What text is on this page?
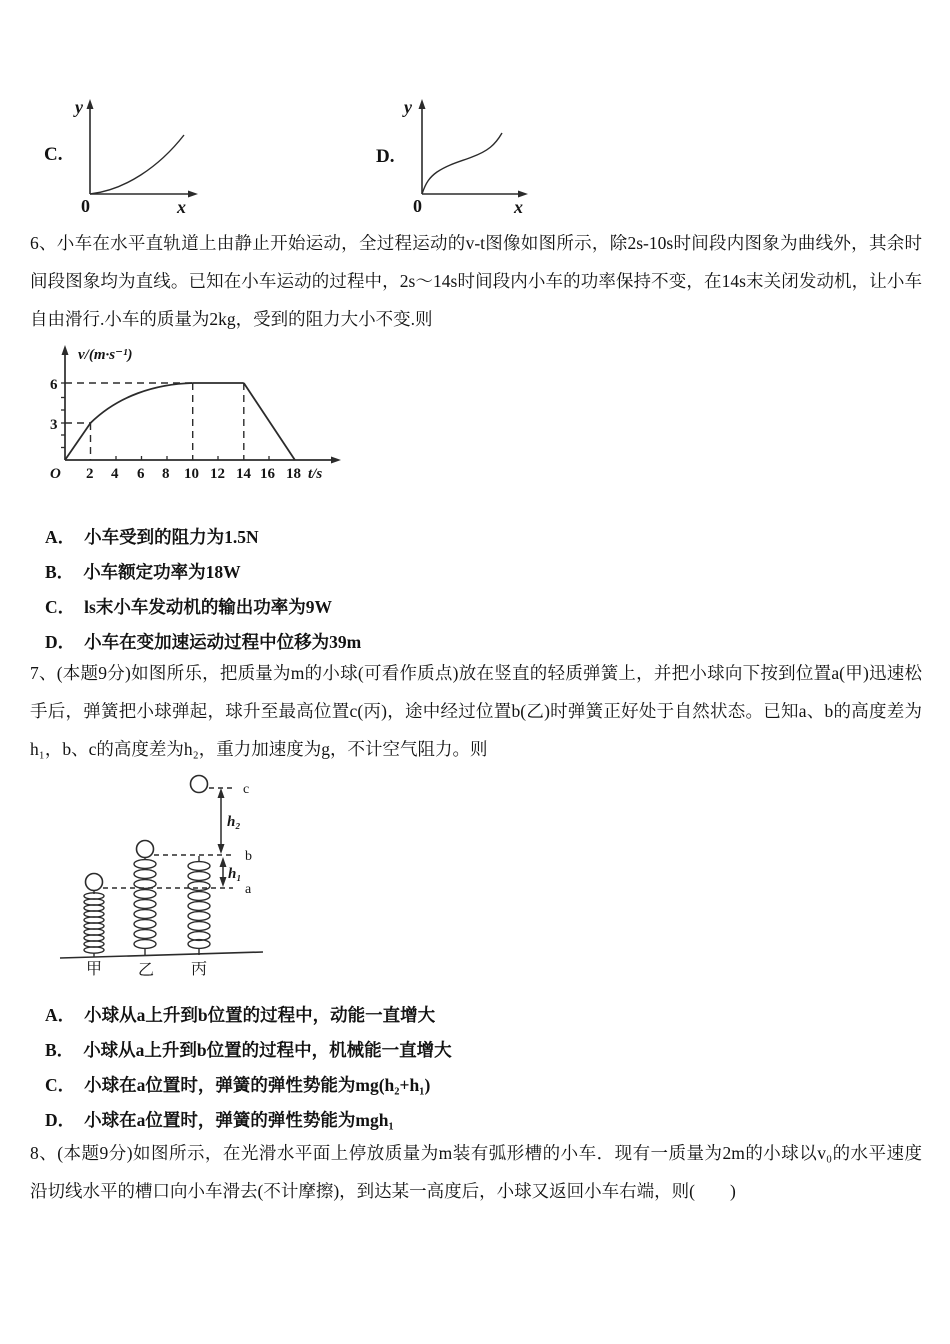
C.
y
0	x
D.
y
0	x
6、小车在水平直轨道上由静止开始运动，全过程运动的v-t图像如图所示，除2s-10s时间段内图象为曲线外，其余时
间段图象均为直线。已知在小车运动的过程中，2s～14s时间段内小车的功率保持不变，在14s末关闭发动机，让小车
自由滑行.小车的质量为2kg，受到的阻力大小不变.则
v/(m·s⁻¹)
6
3
O 2 4 6 8 10 12 14 16 18 t/s
A． 小车受到的阻力为1.5N
B． 小车额定功率为18W
C． ls末小车发动机的输出功率为9W
D． 小车在变加速运动过程中位移为39m
7、(本题9分)如图所乐，把质量为m的小球(可看作质点)放在竖直的轻质弹簧上，并把小球向下按到位置a(甲)迅速松
手后，弹簧把小球弹起，球升至最高位置c(丙)，途中经过位置b(乙)时弹簧正好处于自然状态。已知a、b的高度差为
h₁，b、c的高度差为h₂，重力加速度为g，不计空气阻力。则
h₂
h₁
c
b
a
甲 乙 丙
A． 小球从a上升到b位置的过程中，动能一直增大
B． 小球从a上升到b位置的过程中，机械能一直增大
C． 小球在a位置时，弹簧的弹性势能为mg(h₂+h₁)
D． 小球在a位置时，弹簧的弹性势能为mgh₁
8、(本题9分)如图所示，在光滑水平面上停放质量为m装有弧形槽的小车．现有一质量为2m的小球以v₀的水平速度
沿切线水平的槽口向小车滑去(不计摩擦)，到达某一高度后，小球又返回小车右端，则(　　)
